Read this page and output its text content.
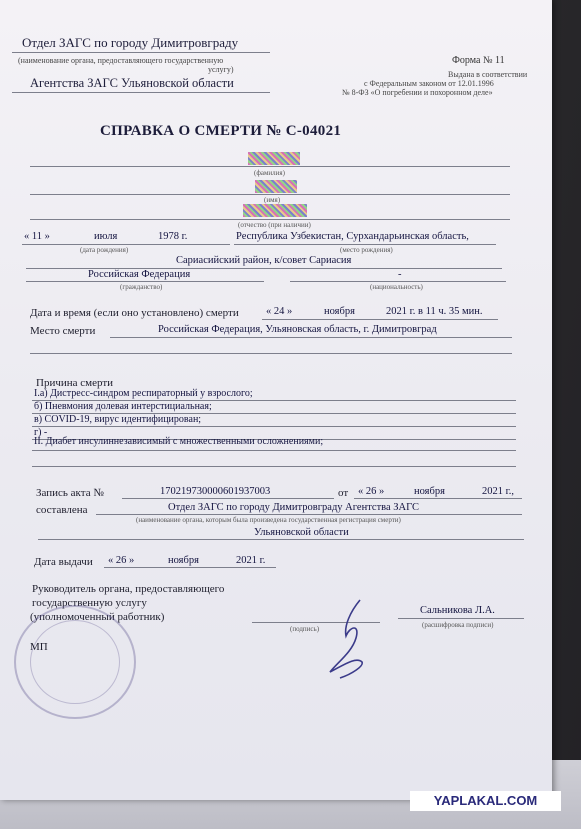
Отдел ЗАГС по городу Димитровграду
(наименование органа, предоставляющего государственную
услугу)
Агентства ЗАГС Ульяновской области
Форма № 11
Выдана в соответствии
с Федеральным законом от 12.01.1996
№ 8-ФЗ «О погребении и похоронном деле»
СПРАВКА О СМЕРТИ № С-04021
(фамилия)
(имя)
(отчество (при наличии)
« 11 »	июля	1978 г.
(дата рождения)
Республика Узбекистан, Сурхандарьинская область,
(место рождения)
Сариасийский район, к/совет Сариасия
Российская Федерация
(гражданство)
-
(национальность)
Дата и время (если оно установлено) смерти	« 24 »	ноября	2021 г. в 11 ч. 35 мин.
Место смерти	Российская Федерация, Ульяновская область, г. Димитровград
Причина смерти
I.а) Дистресс-синдром респираторный у взрослого;
б) Пневмония долевая интерстициальная;
в) COVID-19, вирус идентифицирован;
г) -
II. Диабет инсулиннезависимый с множественными осложнениями;
Запись акта №	170219730000601937003	от « 26 »	ноября	2021 г.,
составлена	Отдел ЗАГС по городу Димитровграду Агентства ЗАГС
(наименование органа, которым была произведена государственная регистрация смерти)
Ульяновской области
Дата выдачи « 26 »	ноября	2021 г.
Руководитель органа, предоставляющего
государственную услугу
(уполномоченный работник)
(подпись)
Сальникова Л.А.
(расшифровка подписи)
МП
YAPLAKAL.COM
